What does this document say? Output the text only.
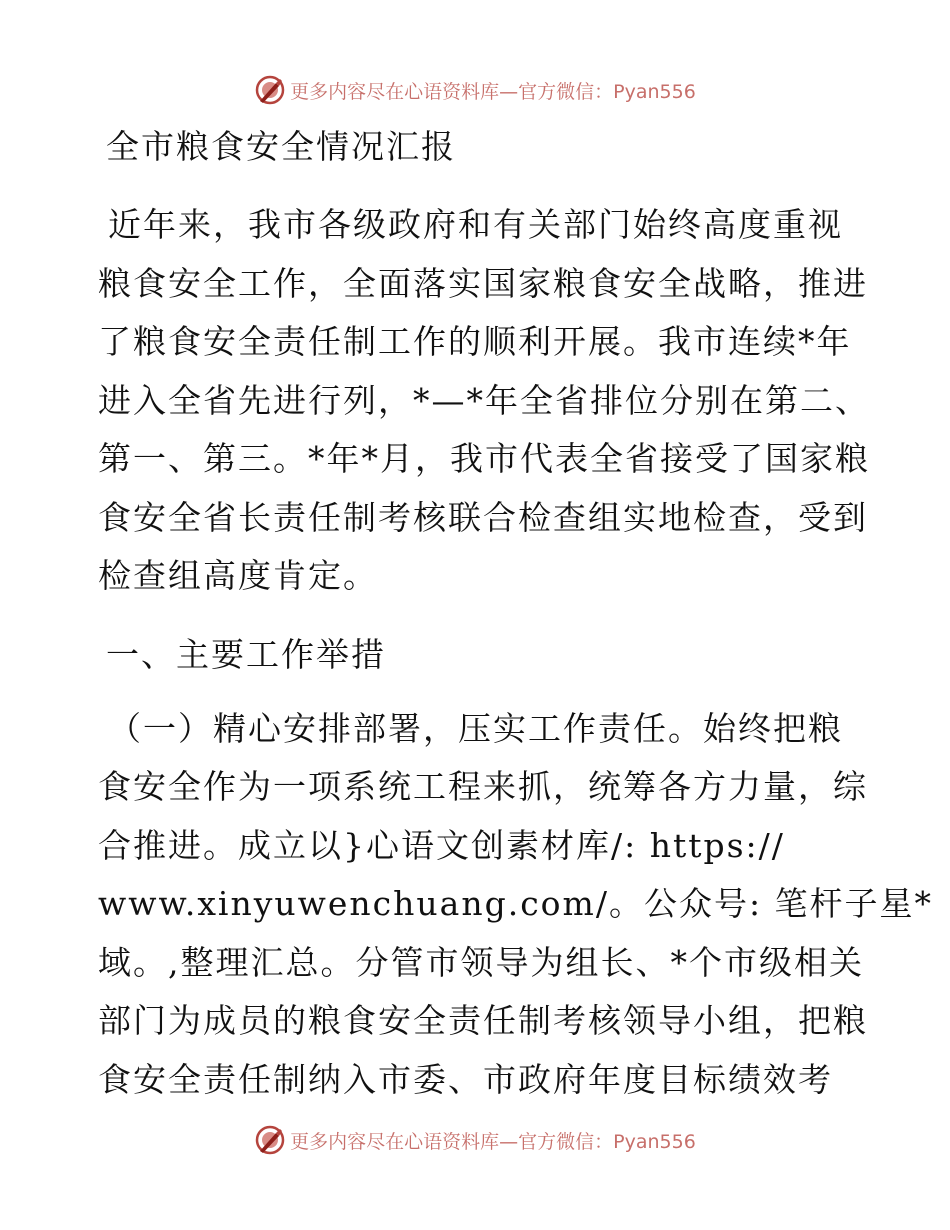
更多内容尽在心语资料库—官方微信：Pyan556
全市粮食安全情况汇报

近年来，我市各级政府和有关部门始终高度重视
粮食安全工作，全面落实国家粮食安全战略，推进
了粮食安全责任制工作的顺利开展。我市连续*年
进入全省先进行列，*—*年全省排位分别在第二、
第一、第三。*年*月，我市代表全省接受了国家粮
食安全省长责任制考核联合检查组实地检查，受到
检查组高度肯定。

一、主要工作举措

（一）精心安排部署，压实工作责任。始终把粮
食安全作为一项系统工程来抓，统筹各方力量，综
合推进。成立以}心语文创素材库/: https://
www.xinyuwenchuang.com/。公众号: 笔杆子星*
域。,整理汇总。分管市领导为组长、*个市级相关
部门为成员的粮食安全责任制考核领导小组，把粮
食安全责任制纳入市委、市政府年度目标绩效考

更多内容尽在心语资料库—官方微信：Pyan556
